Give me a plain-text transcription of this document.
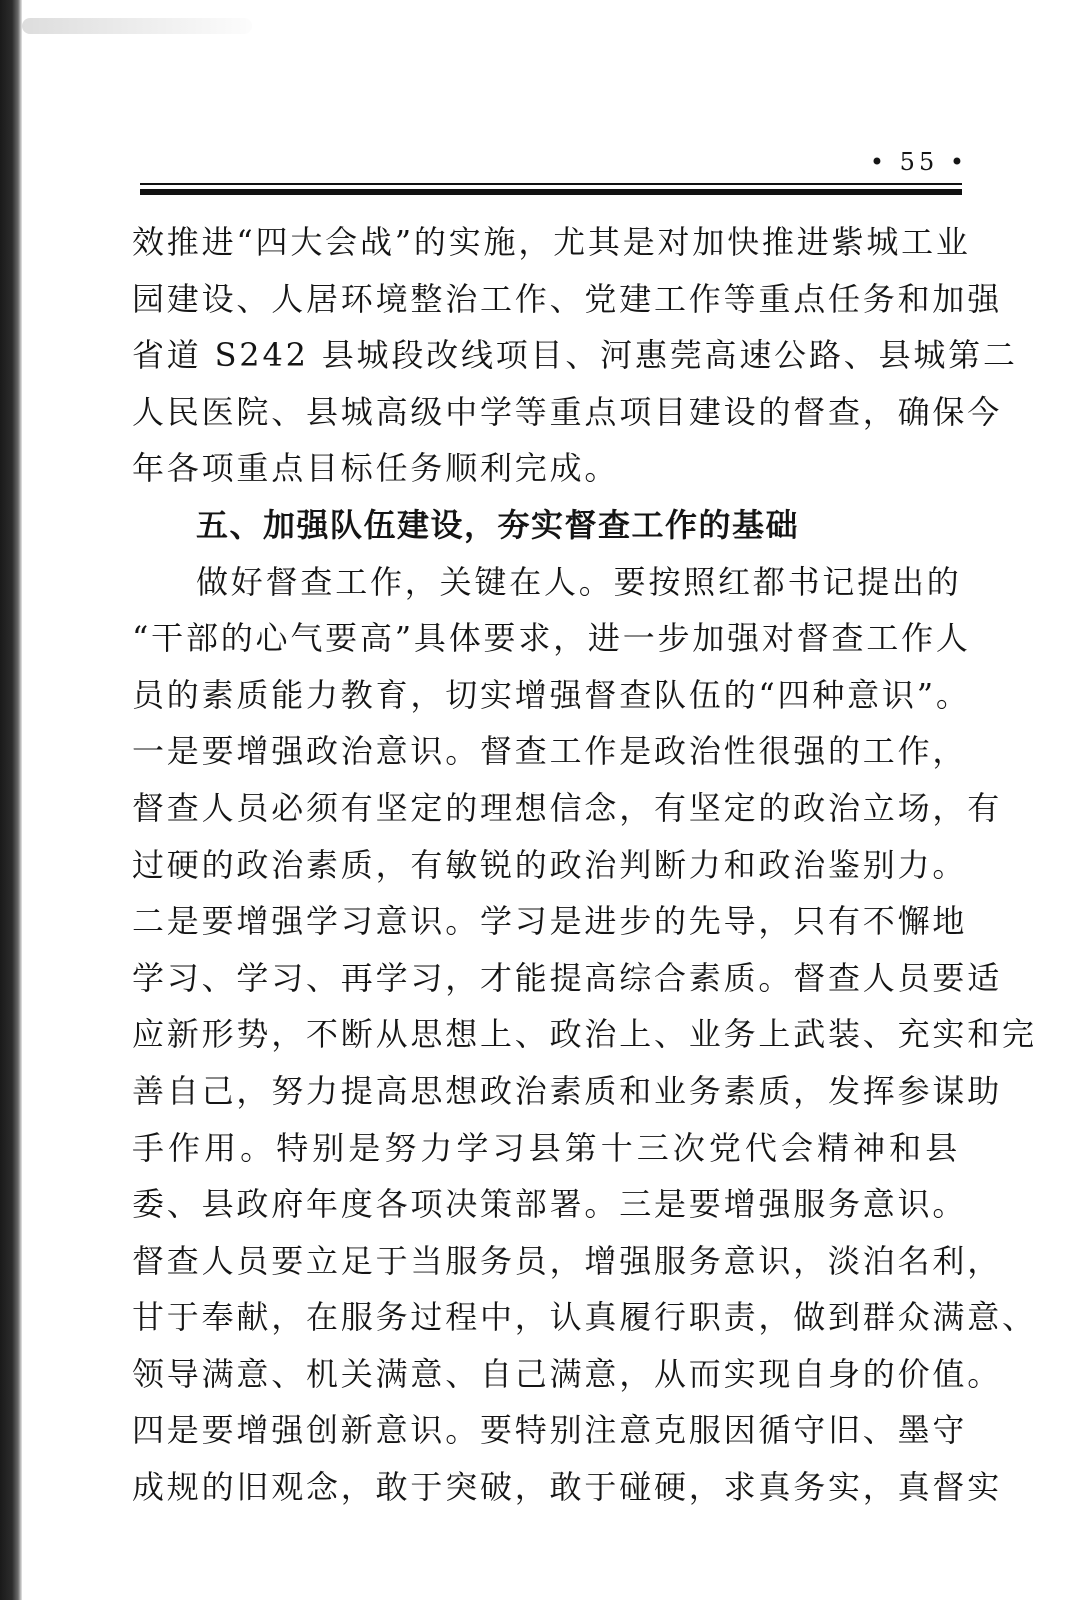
• 55 •
效推进“四大会战”的实施，尤其是对加快推进紫城工业
园建设、人居环境整治工作、党建工作等重点任务和加强
省道 S242 县城段改线项目、河惠莞高速公路、县城第二
人民医院、县城高级中学等重点项目建设的督查，确保今
年各项重点目标任务顺利完成。
五、加强队伍建设，夯实督查工作的基础
做好督查工作，关键在人。要按照红都书记提出的
“干部的心气要高”具体要求，进一步加强对督查工作人
员的素质能力教育，切实增强督查队伍的“四种意识”。
一是要增强政治意识。督查工作是政治性很强的工作，
督查人员必须有坚定的理想信念，有坚定的政治立场，有
过硬的政治素质，有敏锐的政治判断力和政治鉴别力。
二是要增强学习意识。学习是进步的先导，只有不懈地
学习、学习、再学习，才能提高综合素质。督查人员要适
应新形势，不断从思想上、政治上、业务上武装、充实和完
善自己，努力提高思想政治素质和业务素质，发挥参谋助
手作用。特别是努力学习县第十三次党代会精神和县
委、县政府年度各项决策部署。三是要增强服务意识。
督查人员要立足于当服务员，增强服务意识，淡泊名利，
甘于奉献，在服务过程中，认真履行职责，做到群众满意、
领导满意、机关满意、自己满意，从而实现自身的价值。
四是要增强创新意识。要特别注意克服因循守旧、墨守
成规的旧观念，敢于突破，敢于碰硬，求真务实，真督实
